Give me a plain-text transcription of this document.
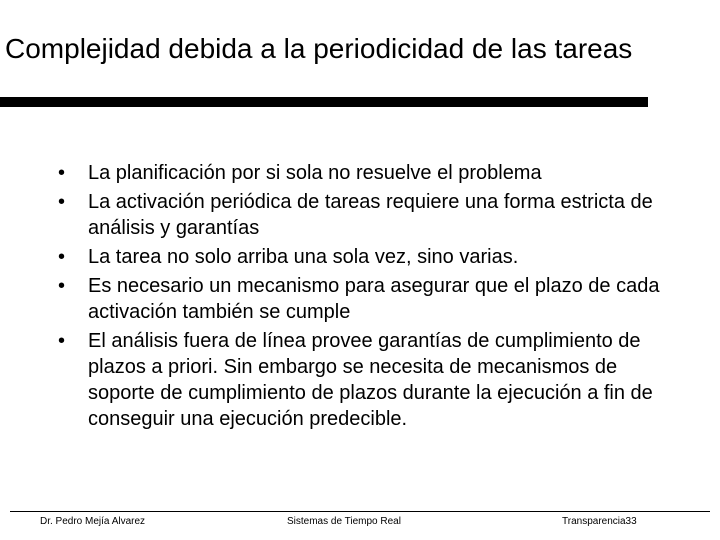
Complejidad debida a la periodicidad de las tareas
• La planificación por si sola no resuelve el problema
• La activación periódica de tareas requiere una forma estricta de análisis y garantías
• La tarea no solo arriba una sola vez, sino varias.
• Es necesario un mecanismo para asegurar que el plazo de cada activación también se cumple
• El análisis fuera de línea provee garantías de cumplimiento de plazos a priori. Sin embargo se necesita de mecanismos de soporte de cumplimiento de plazos durante la ejecución a fin de conseguir una ejecución predecible.
Dr. Pedro Mejía Alvarez	Sistemas de Tiempo Real	Transparencia33
